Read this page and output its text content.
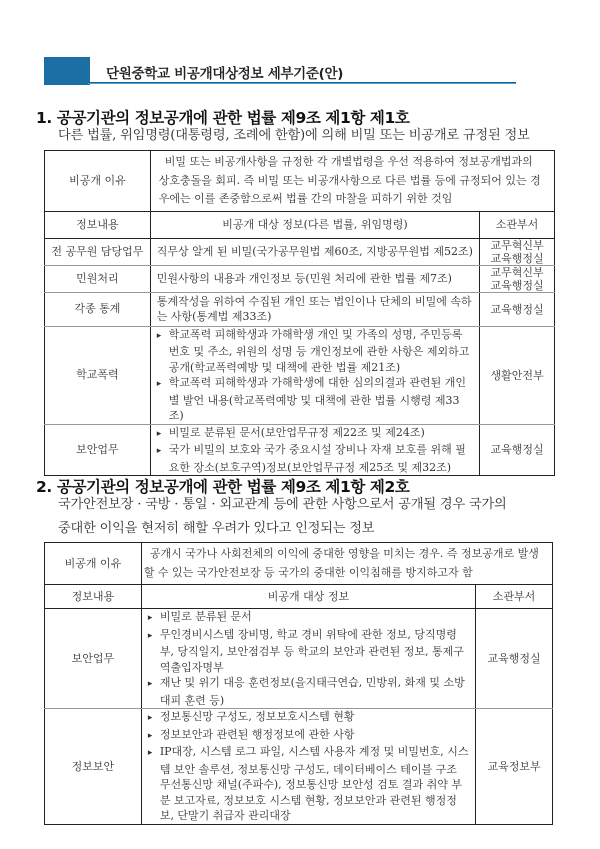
단원중학교 비공개대상정보 세부기준(안)
1. 공공기관의 정보공개에 관한 법률 제9조 제1항 제1호
다른 법률, 위임명령(대통령령, 조례에 한함)에 의해 비밀 또는 비공개로 규정된 정보
비공개 이유	비밀 또는 비공개사항을 규정한 각 개별법령을 우선 적용하여 정보공개법과의 상호충돌을 회피. 즉 비밀 또는 비공개사항으로 다른 법률 등에 규정되어 있는 경우에는 이를 존중함으로써 법률 간의 마찰을 피하기 위한 것임	
정보내용	비공개 대상 정보(다른 법률, 위임명령)	소관부서
전 공무원 담당업무	직무상 알게 된 비밀(국가공무원법 제60조, 지방공무원법 제52조)	교무혁신부
교육행정실

민원처리	민원사항의 내용과 개인정보 등(민원 처리에 관한 법률 제7조)	교무혁신부
교육행정실

각종 통계	통계작성을 위하여 수집된 개인 또는 법인이나 단체의 비밀에 속하는 사항(통계법 제33조)	교육행정실
학교폭력	▸ 학교폭력 피해학생과 가해학생 개인 및 가족의 성명, 주민등록 번호 및 주소, 위원의 성명 등 개인정보에 관한 사항은 제외하고 공개(학교폭력예방 및 대책에 관한 법률 제21조)
▸ 학교폭력 피해학생과 가해학생에 대한 심의의결과 관련된 개인별 발언 내용(학교폭력예방 및 대책에 관한 법률 시행령 제33조)	생활안전부
보안업무	▸ 비밀로 분류된 문서(보안업무규정 제22조 및 제24조)
▸ 국가 비밀의 보호와 국가 중요시설 장비나 자재 보호를 위해 필요한 장소(보호구역)정보(보안업무규정 제25조 및 제32조)	교육행정실
2. 공공기관의 정보공개에 관한 법률 제9조 제1항 제2호
국가안전보장 · 국방 · 통일 · 외교관계 등에 관한 사항으로서 공개될 경우 국가의
중대한 이익을 현저히 해할 우려가 있다고 인정되는 정보
비공개 이유	공개시 국가나 사회전체의 이익에 중대한 영향을 미치는 경우. 즉 정보공개로 발생할 수 있는 국가안전보장 등 국가의 중대한 이익침해를 방지하고자 함	
정보내용	비공개 대상 정보	소관부서
보안업무	▸ 비밀로 분류된 문서
▸ 무인경비시스템 장비명, 학교 경비 위탁에 관한 정보, 당직명령부, 당직일지, 보안점검부 등 학교의 보안과 관련된 정보, 통제구역출입자명부
▸ 재난 및 위기 대응 훈련정보(을지태극연습, 민방위, 화재 및 소방대피 훈련 등)	교육행정실
정보보안	▸ 정보통신망 구성도, 정보보호시스템 현황
▸ 정보보안과 관련된 행정정보에 관한 사항
▸ IP대장, 시스템 로그 파일, 시스템 사용자 계정 및 비밀번호, 시스템 보안 솔루션, 정보통신망 구성도, 데이터베이스 테이블 구조 무선통신망 채널(주파수), 정보통신망 보안성 검토 결과 취약 부분 보고자료, 정보보호 시스템 현황, 정보보안과 관련된 행정정보, 단말기 취급자 관리대장	교육정보부
